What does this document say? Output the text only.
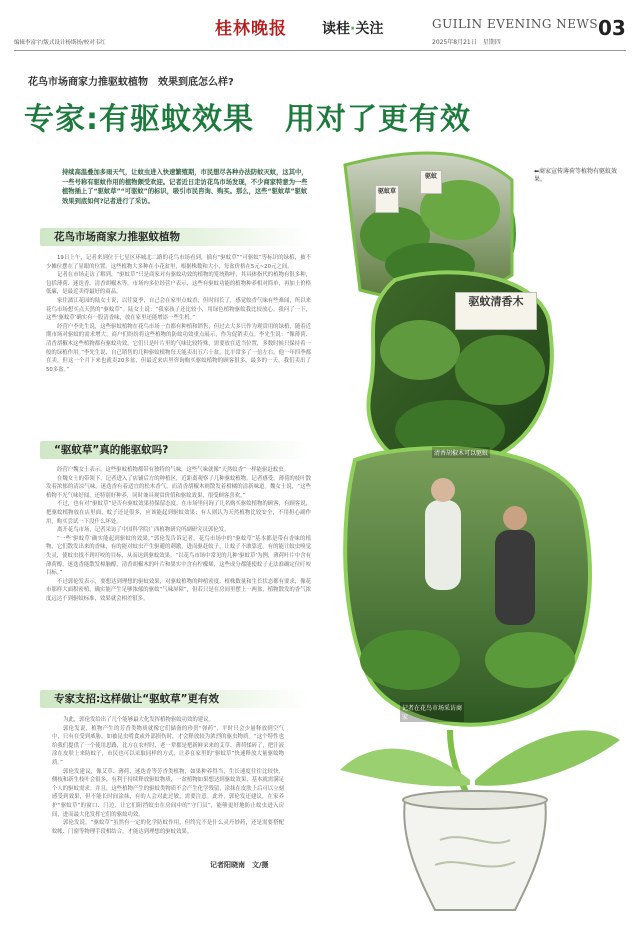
编辑李富宇/版式设计杨斯扬/校对韦红
桂林晚报	读桂·关注	GUILIN EVENING NEWS
2025年8月21日　星期四
03
驱蚊草
驱蚊
驱蚊清香木
⬅商家宣传薄荷等植物有驱蚊效果。
清香胡椒木可以驱蚊
记者在花鸟市场采访商家
花鸟市场商家力推驱蚊植物　效果到底怎么样?
专家:有驱蚊效果　用对了更有效
持续高温叠加多雨天气，让蚊虫进入快速繁殖期，市民想尽各种办法防蚊灭蚊，这其中，一些号称有驱蚊作用的植物颇受欢迎。记者近日走访花鸟市场发现，不少商家特意为一些植物插上了“驱蚊草”“可驱蚊”的标识，吸引市民咨询、购买。那么，这些“驱蚊草”驱蚊效果到底如何?记者进行了采访。
花鸟市场商家力推驱蚊植物

19日上午，记者来到位于七星区环城北二路的花鸟市场看到，插有“驱蚊草”“可驱蚊”等标识的绿植，被不少摊位摆在了显眼的位置。这些植物大多种在小花盆里，根据株数和大小，每盆价格在5元~20元之间。

记者在市场走访了解到，“驱蚊草”只是商家对有驱蚊功效的植物的笼统称呼，其具体指代的植物有很多种，包括薄荷、迷迭香、清香胡椒木等。市场内多位经营户表示，这些有驱蚊功能的植物种养相对简单，再加上价格低廉，是最近卖得最好的商品。

家住漓江花园的陆女士说，以往夏季，自己会在家里点蚊香，但时间长了，感觉蚊香气味有些难闻，所以来花鸟市场想买点天然的“驱蚊草”。陆女士说：“我家孩子还比较小，用绿色植物驱蚊我比较放心。我问了一下，这些‘驱蚊草’确实有一股清香味，放在家里还能增添一些生机。”

经营户李先生说，这些驱蚊植物在花鸟市场一直都有种植和销售，但过去大多只作为观赏用的绿植，随着近期市场对驱蚊的需求增大，商户们纷纷将这些植物的防蚊功效重点展示，作为促销卖点。李先生说：“像薄荷、清香胡椒木这些植物都有驱蚊功效，它们只是叶片里的气味比较特殊，需要放在适当位置，多数时候只保持着一般的绿植作用。”李先生说，自己销售的几种驱蚊植物每天能卖出五六十盆，比平常多了一倍左右。他一年四季都在卖，但这一个月下来也就卖20多盆，但最近来店里咨询购买驱蚊植物的顾客很多，最多的一天，我们卖出了50多盆。”

“驱蚊草”真的能驱蚊吗?

经营户魏女士表示，这些驱蚊植物都带有独特的气味，这些气味就像“天然蚊香”一样能驱赶蚊虫。

在魏女士的带领下，记者进入了店铺后方的种植区，近距离观察了几种驱蚊植物。记者感受，薄荷的枝叶散发着浓郁的清凉气味，迷迭香有着适宜的松木香气，而清香胡椒木则散发着柑橘的清新味道。魏女士说，“这些植物不光气味好闻，还特别好种养，同时兼具观赏价值和驱蚊效果，很受顾客喜欢。”

不过，也有对“驱蚊草”是否有驱蚊效果持保留态度。在市场里问询了几名购买驱蚊植物的顾客，有顾客说，把驱蚊植物放在店里面，蚊子还是很多，应该能起到驱蚊效果；有人则认为天然植物比较安全，不用担心副作用，购买尝试一下没什么坏处。

离开花鸟市场，记者采访了中国科学院广西植物研究所副研究员郭伦发。

“一些‘驱蚊草’确实能起到驱蚊的效果。”郭伦发告诉记者，花鸟市场中的“驱蚊草”基本都是带有香味的植物，它们散发出来的香味，有的能对蚊虫产生驱避的刺激，进而驱赶蚊子，让蚊子不敢靠近。有的能让蚊虫嗅觉失灵，使蚊虫找不到叮咬的目标，从而达到驱蚊效果。“以花鸟市场中常见的几种‘驱蚊草’为例，薄荷叶片中含有薄荷醇，迷迭香能散发樟脑醇，清香胡椒木的叶片和果实中含有柠檬烯，这些成分都能使蚊子无法准确定位叮咬目标。”

不过郭伦发表示，要想达到理想的驱蚊效果，对驱蚊植物的种植密度、植株数量和生长状态都有要求，像花市那样大面积密植，确实能产生足够浓郁的驱蚊“气味屏障”，但若只是在房间里摆上一两盆，植物散发的香气浓度远达不到驱蚊标准，效果就会相差很多。

专家支招:这样做让“驱蚊草”更有效

为此，郭伦发给出了几个能够最大化发挥植物驱蚊功效的建议。

郭伦发说，植物产生的芳香类物质就像它们储备的珍贵“弹药”，平时只会少量释放到空气中，只有在受到威胁，如被昆虫啃食或外部损伤时，才会释放较为浓烈的驱虫物质。“这个特性也给我们提供了一个使用思路，比方在农村时，老一辈都是把新鲜采来的艾草、薄荷揉碎了，把汁液涂在皮肤上来防蚊子，市民也可以采取同样的方式，让养在家里的“驱蚊草”快速释放大量驱蚊物质。”

郭伦发建议，像艾草、薄荷、迷迭香等芳香类植物，如果种养得当，生长速度往往比较快，侧枝和新生枝叶会很多，有利于持续释放驱蚊物质，一盆植物如果想达到驱蚊效果，基本就需满足个人的驱蚊需求。并且，这些植物产生的驱蚊类物质不会产生化学残留，涂抹在皮肤上后可以立刻感受到效果，但不能长时间涂抹，有的人会对此过敏，需要注意。此外，郭伦发还建议，在家养护“驱蚊草”的窗口、门边，让它们阻挡蚊虫在房间中的“守门员”，能够更好地防止蚊虫进入房间，进而最大化发挥它们的驱蚊功效。

郭伦发说，“驱蚊草”虽然有一定的化学防蚊作用，但终究不是什么灵丹妙药，还是需要搭配蚊帐、门窗等物理手段相结合，才能达到理想的驱蚊效果。

记者阳晓南　文/摄
